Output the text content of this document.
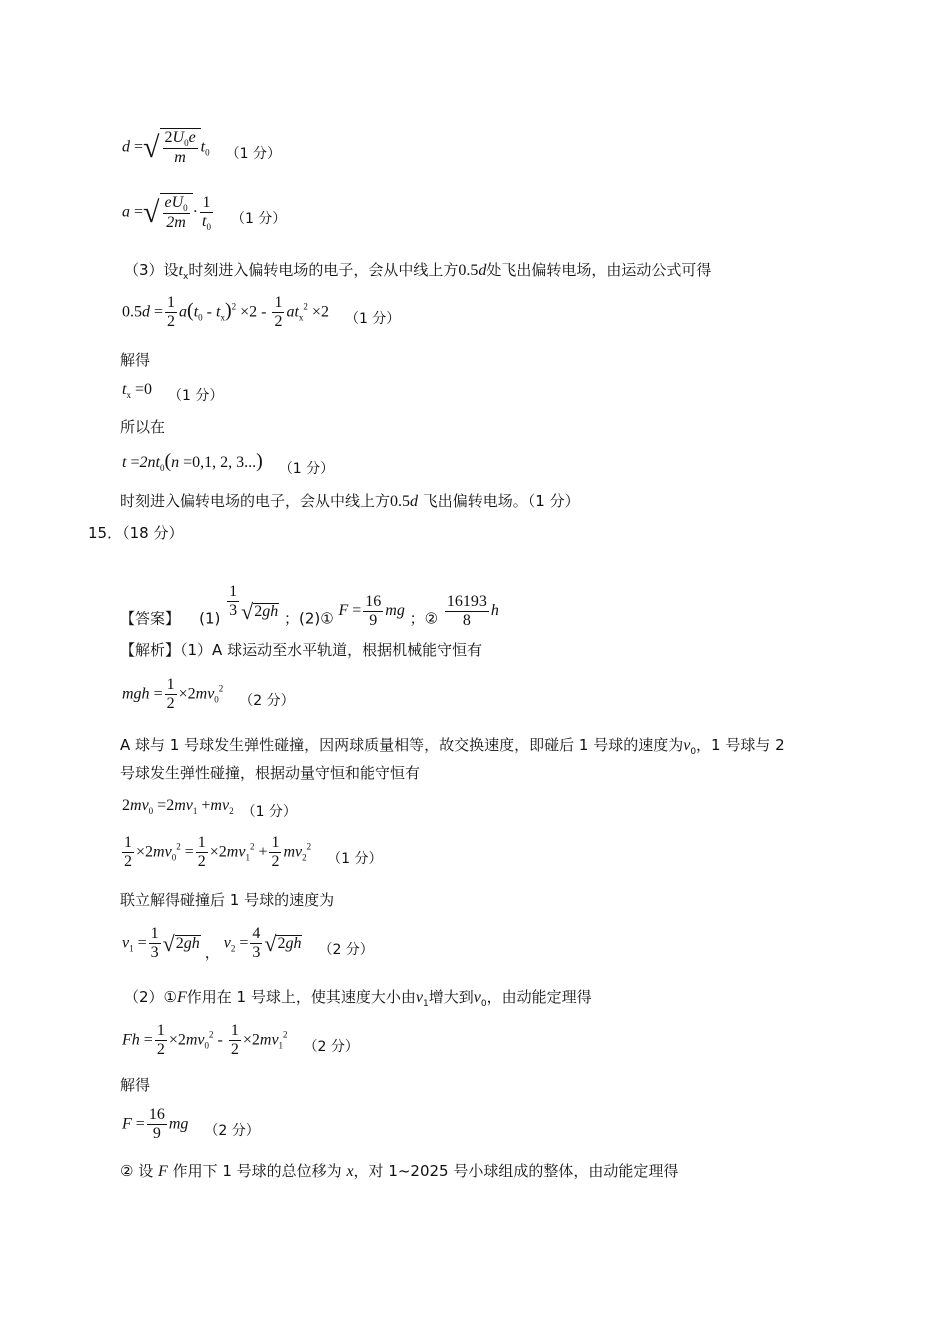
d =√ $\frac{2U_0e}{m} t_0$ （1 分）
a =√ $\frac{eU_0}{2m} \cdot \frac{1}{t_0} (1$ 分）
（3）设$t_x$时刻进入偏转电场的电子，会从中线上方0.5d处飞出偏转电场，由运动公式可得
$0.5d = \frac{1}{2} a(t_0 - t_x)^2 \times 2 - \frac{1}{2} at_x^2 \times 2$ （1 分）
解得
$t_x =0$ （1 分）
所以在
$t =2nt_0(n =0,1$, 2, 3...) （1 分）
时刻进入偏转电场的电子，会从中线上方0.5d 飞出偏转电场。（1 分）
15．（18 分）
【答案】 $(1) \frac{1}{3} √2gh$ ；(2)① $F = \frac{16}{9}$ mg ；② $\frac{16193}{8}$ h
【解析】（1）A 球运动至水平轨道，根据机械能守恒有
mgh = $\frac{1}{2} \times 2mv_0^2$ （2 分）
A 球与 1 号球发生弹性碰撞，因两球质量相等，故交换速度，即碰后 1 号球的速度为$v_0$，1 号球与 2
号球发生弹性碰撞，根据动量守恒和能守恒有
$2mv_0 =2mv_1 +mv_2$ （1 分）
$\frac{1}{2} \times 2mv_0^2 = \frac{1}{2} \times 2mv_1^2 + \frac{1}{2} mv_2^2$ （1 分）
联立解得碰撞后 1 号球的速度为
$v_1 = \frac{1}{3} √2gh$ ， $v_2 = \frac{4}{3} √2gh$ （2 分）
（2）①F作用在 1 号球上，使其速度大小由$v_1$增大到$v_0$，由动能定理得
$Fh = \frac{1}{2} \times 2mv_0^2 - \frac{1}{2} \times 2mv_1^2$ （2 分）
解得
$F = \frac{16}{9}$ mg （2 分）
② 设 F 作用下 1 号球的总位移为 x，对 1~2025 号小球组成的整体，由动能定理得
